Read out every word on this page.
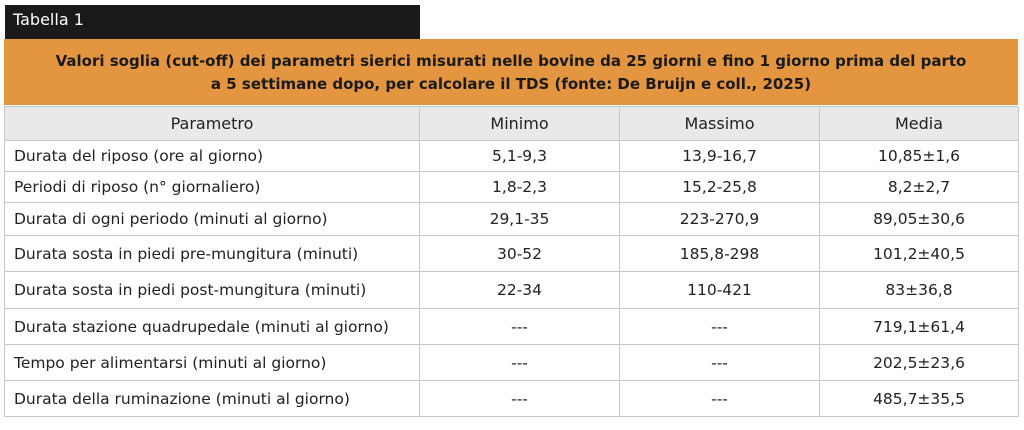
Tabella 1
Valori soglia (cut-off) dei parametri sierici misurati nelle bovine da 25 giorni e fino 1 giorno prima del parto
a 5 settimane dopo, per calcolare il TDS (fonte: De Bruijn e coll., 2025)
Parametro	Minimo	Massimo	Media
Durata del riposo (ore al giorno)	5,1-9,3	13,9-16,7	10,85±1,6
Periodi di riposo (n° giornaliero)	1,8-2,3	15,2-25,8	8,2±2,7
Durata di ogni periodo (minuti al giorno)	29,1-35	223-270,9	89,05±30,6
Durata sosta in piedi pre-mungitura (minuti)	30-52	185,8-298	101,2±40,5
Durata sosta in piedi post-mungitura (minuti)	22-34	110-421	83±36,8
Durata stazione quadrupedale (minuti al giorno)	---	---	719,1±61,4
Tempo per alimentarsi (minuti al giorno)	---	---	202,5±23,6
Durata della ruminazione (minuti al giorno)	---	---	485,7±35,5
